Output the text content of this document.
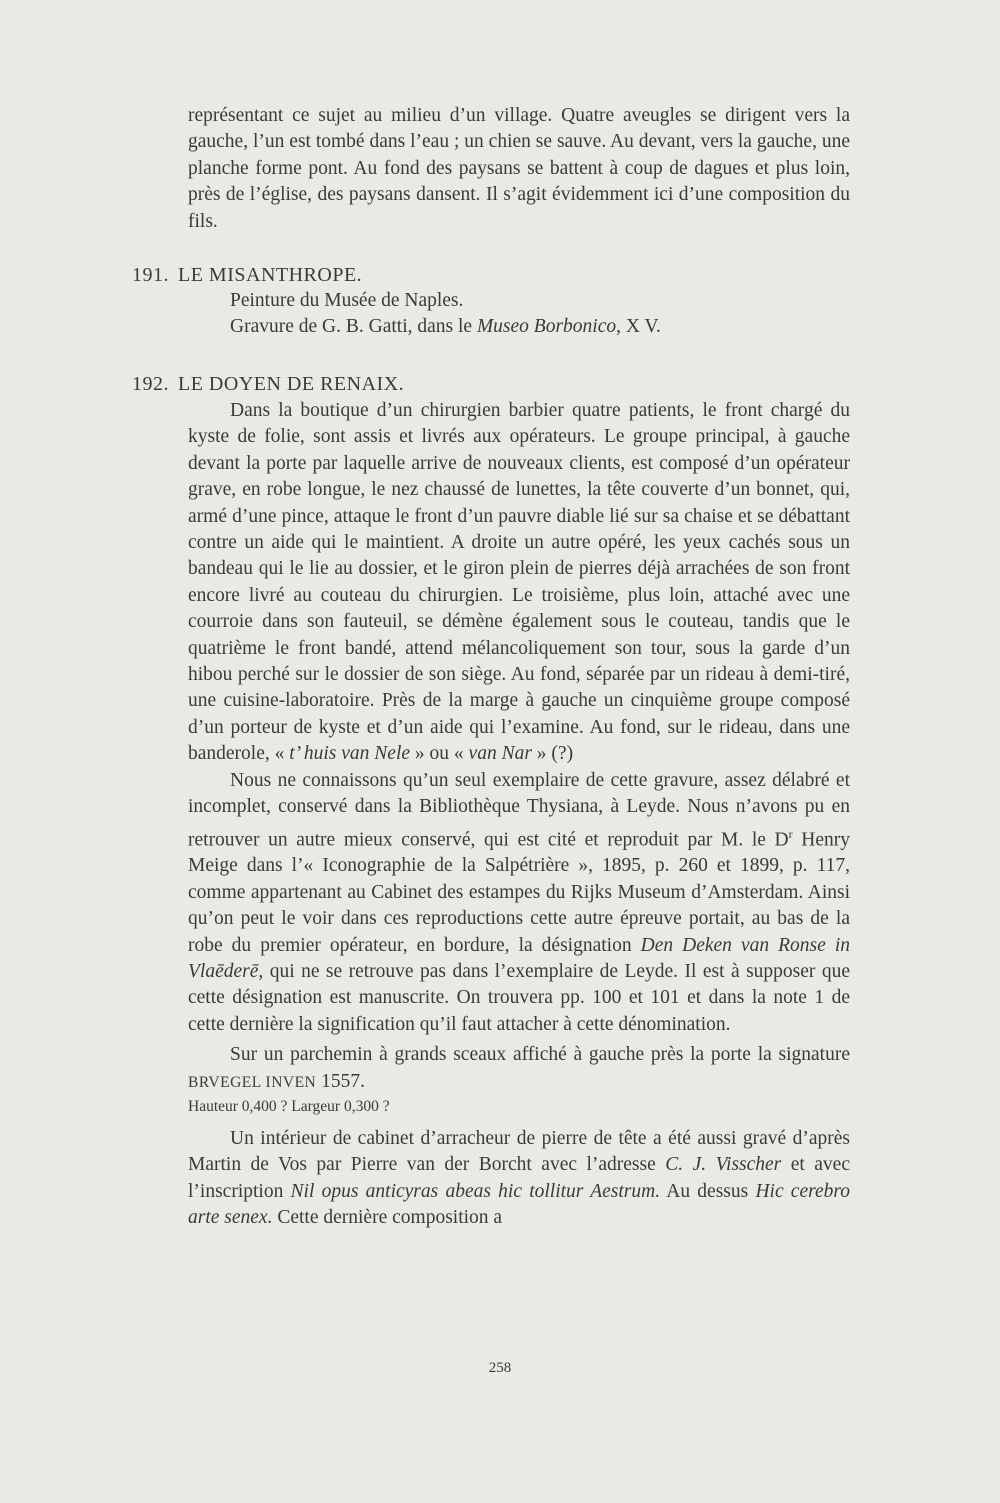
représentant ce sujet au milieu d’un village. Quatre aveugles se dirigent vers la gauche, l’un est tombé dans l’eau ; un chien se sauve. Au devant, vers la gauche, une planche forme pont. Au fond des paysans se battent à coup de dagues et plus loin, près de l’église, des paysans dansent. Il s’agit évidemment ici d’une composition du fils.

191. LE MISANTHROPE.
Peinture du Musée de Naples.
Gravure de G. B. Gatti, dans le Museo Borbonico, X V.
192. LE DOYEN DE RENAIX.

Dans la boutique d’un chirurgien barbier quatre patients, le front chargé du kyste de folie, sont assis et livrés aux opérateurs. Le groupe principal, à gauche devant la porte par laquelle arrive de nouveaux clients, est composé d’un opérateur grave, en robe longue, le nez chaussé de lunettes, la tête couverte d’un bonnet, qui, armé d’une pince, attaque le front d’un pauvre diable lié sur sa chaise et se débattant contre un aide qui le maintient. A droite un autre opéré, les yeux cachés sous un bandeau qui le lie au dossier, et le giron plein de pierres déjà arrachées de son front encore livré au couteau du chirurgien. Le troisième, plus loin, attaché avec une courroie dans son fauteuil, se démène également sous le couteau, tandis que le quatrième le front bandé, attend mélancoliquement son tour, sous la garde d’un hibou perché sur le dossier de son siège. Au fond, séparée par un rideau à demi-tiré, une cuisine-laboratoire. Près de la marge à gauche un cinquième groupe composé d’un porteur de kyste et d’un aide qui l’examine. Au fond, sur le rideau, dans une banderole, « t’ huis van Nele » ou « van Nar » (?)

Nous ne connaissons qu’un seul exemplaire de cette gravure, assez délabré et incomplet, conservé dans la Bibliothèque Thysiana, à Leyde. Nous n’avons pu en retrouver un autre mieux conservé, qui est cité et reproduit par M. le $D^r$ Henry Meige dans l’« Iconographie de la Salpétrière », 1895, p. 260 et 1899, p. 117, comme appartenant au Cabinet des estampes du Rijks Museum d’Amsterdam. Ainsi qu’on peut le voir dans ces reproductions cette autre épreuve portait, au bas de la robe du premier opérateur, en bordure, la désignation Den Deken van Ronse in Vlaēderē, qui ne se retrouve pas dans l’exemplaire de Leyde. Il est à supposer que cette désignation est manuscrite. On trouvera pp. 100 et 101 et dans la note 1 de cette dernière la signification qu’il faut attacher à cette dénomination.

Sur un parchemin à grands sceaux affiché à gauche près la porte la signature BRVEGEL INVEN 1557.

Hauteur 0,400 ? Largeur 0,300 ?

Un intérieur de cabinet d’arracheur de pierre de tête a été aussi gravé d’après Martin de Vos par Pierre van der Borcht avec l’adresse C. J. Visscher et avec l’inscription Nil opus anticyras abeas hic tollitur Aestrum. Au dessus Hic cerebro arte senex. Cette dernière composition a

258
